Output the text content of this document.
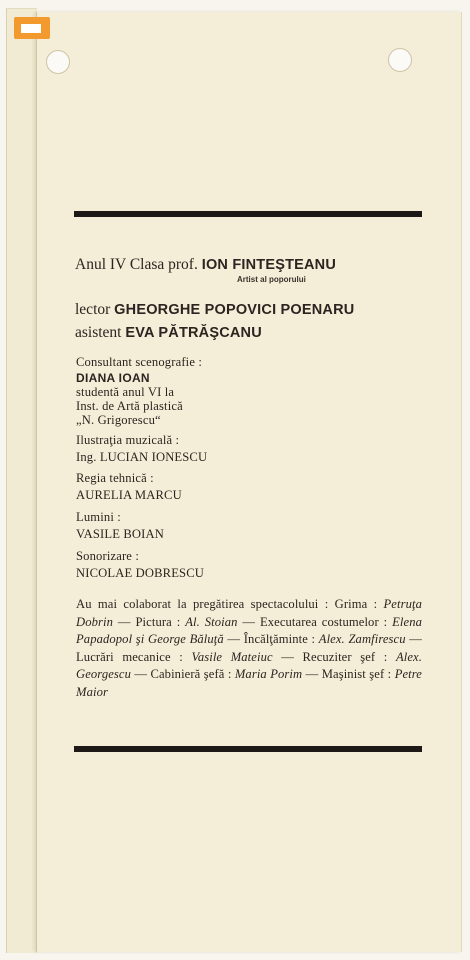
Anul IV Clasa prof. ION FINTEŞTEANU
Artist al poporului
lector GHEORGHE POPOVICI POENARU
asistent EVA PĂTRĂŞCANU
Consultant scenografie :
DIANA IOAN
studentă anul VI la
Inst. de Artă plastică
„N. Grigorescu“
Ilustraţia muzicală :
Ing. LUCIAN IONESCU
Regia tehnică :
AURELIA MARCU
Lumini :
VASILE BOIAN
Sonorizare :
NICOLAE DOBRESCU
Au mai colaborat la pregătirea spectacolului : Grima : Petruţa Dobrin — Pictura : Al. Stoian — Executarea costumelor : Elena Papadopol şi George Băluţă — Încălţăminte : Alex. Zamfirescu — Lucrări mecanice : Vasile Mateiuc — Recuziter şef : Alex. Georgescu — Cabinieră şefă : Maria Porim — Maşinist şef : Petre Maior
